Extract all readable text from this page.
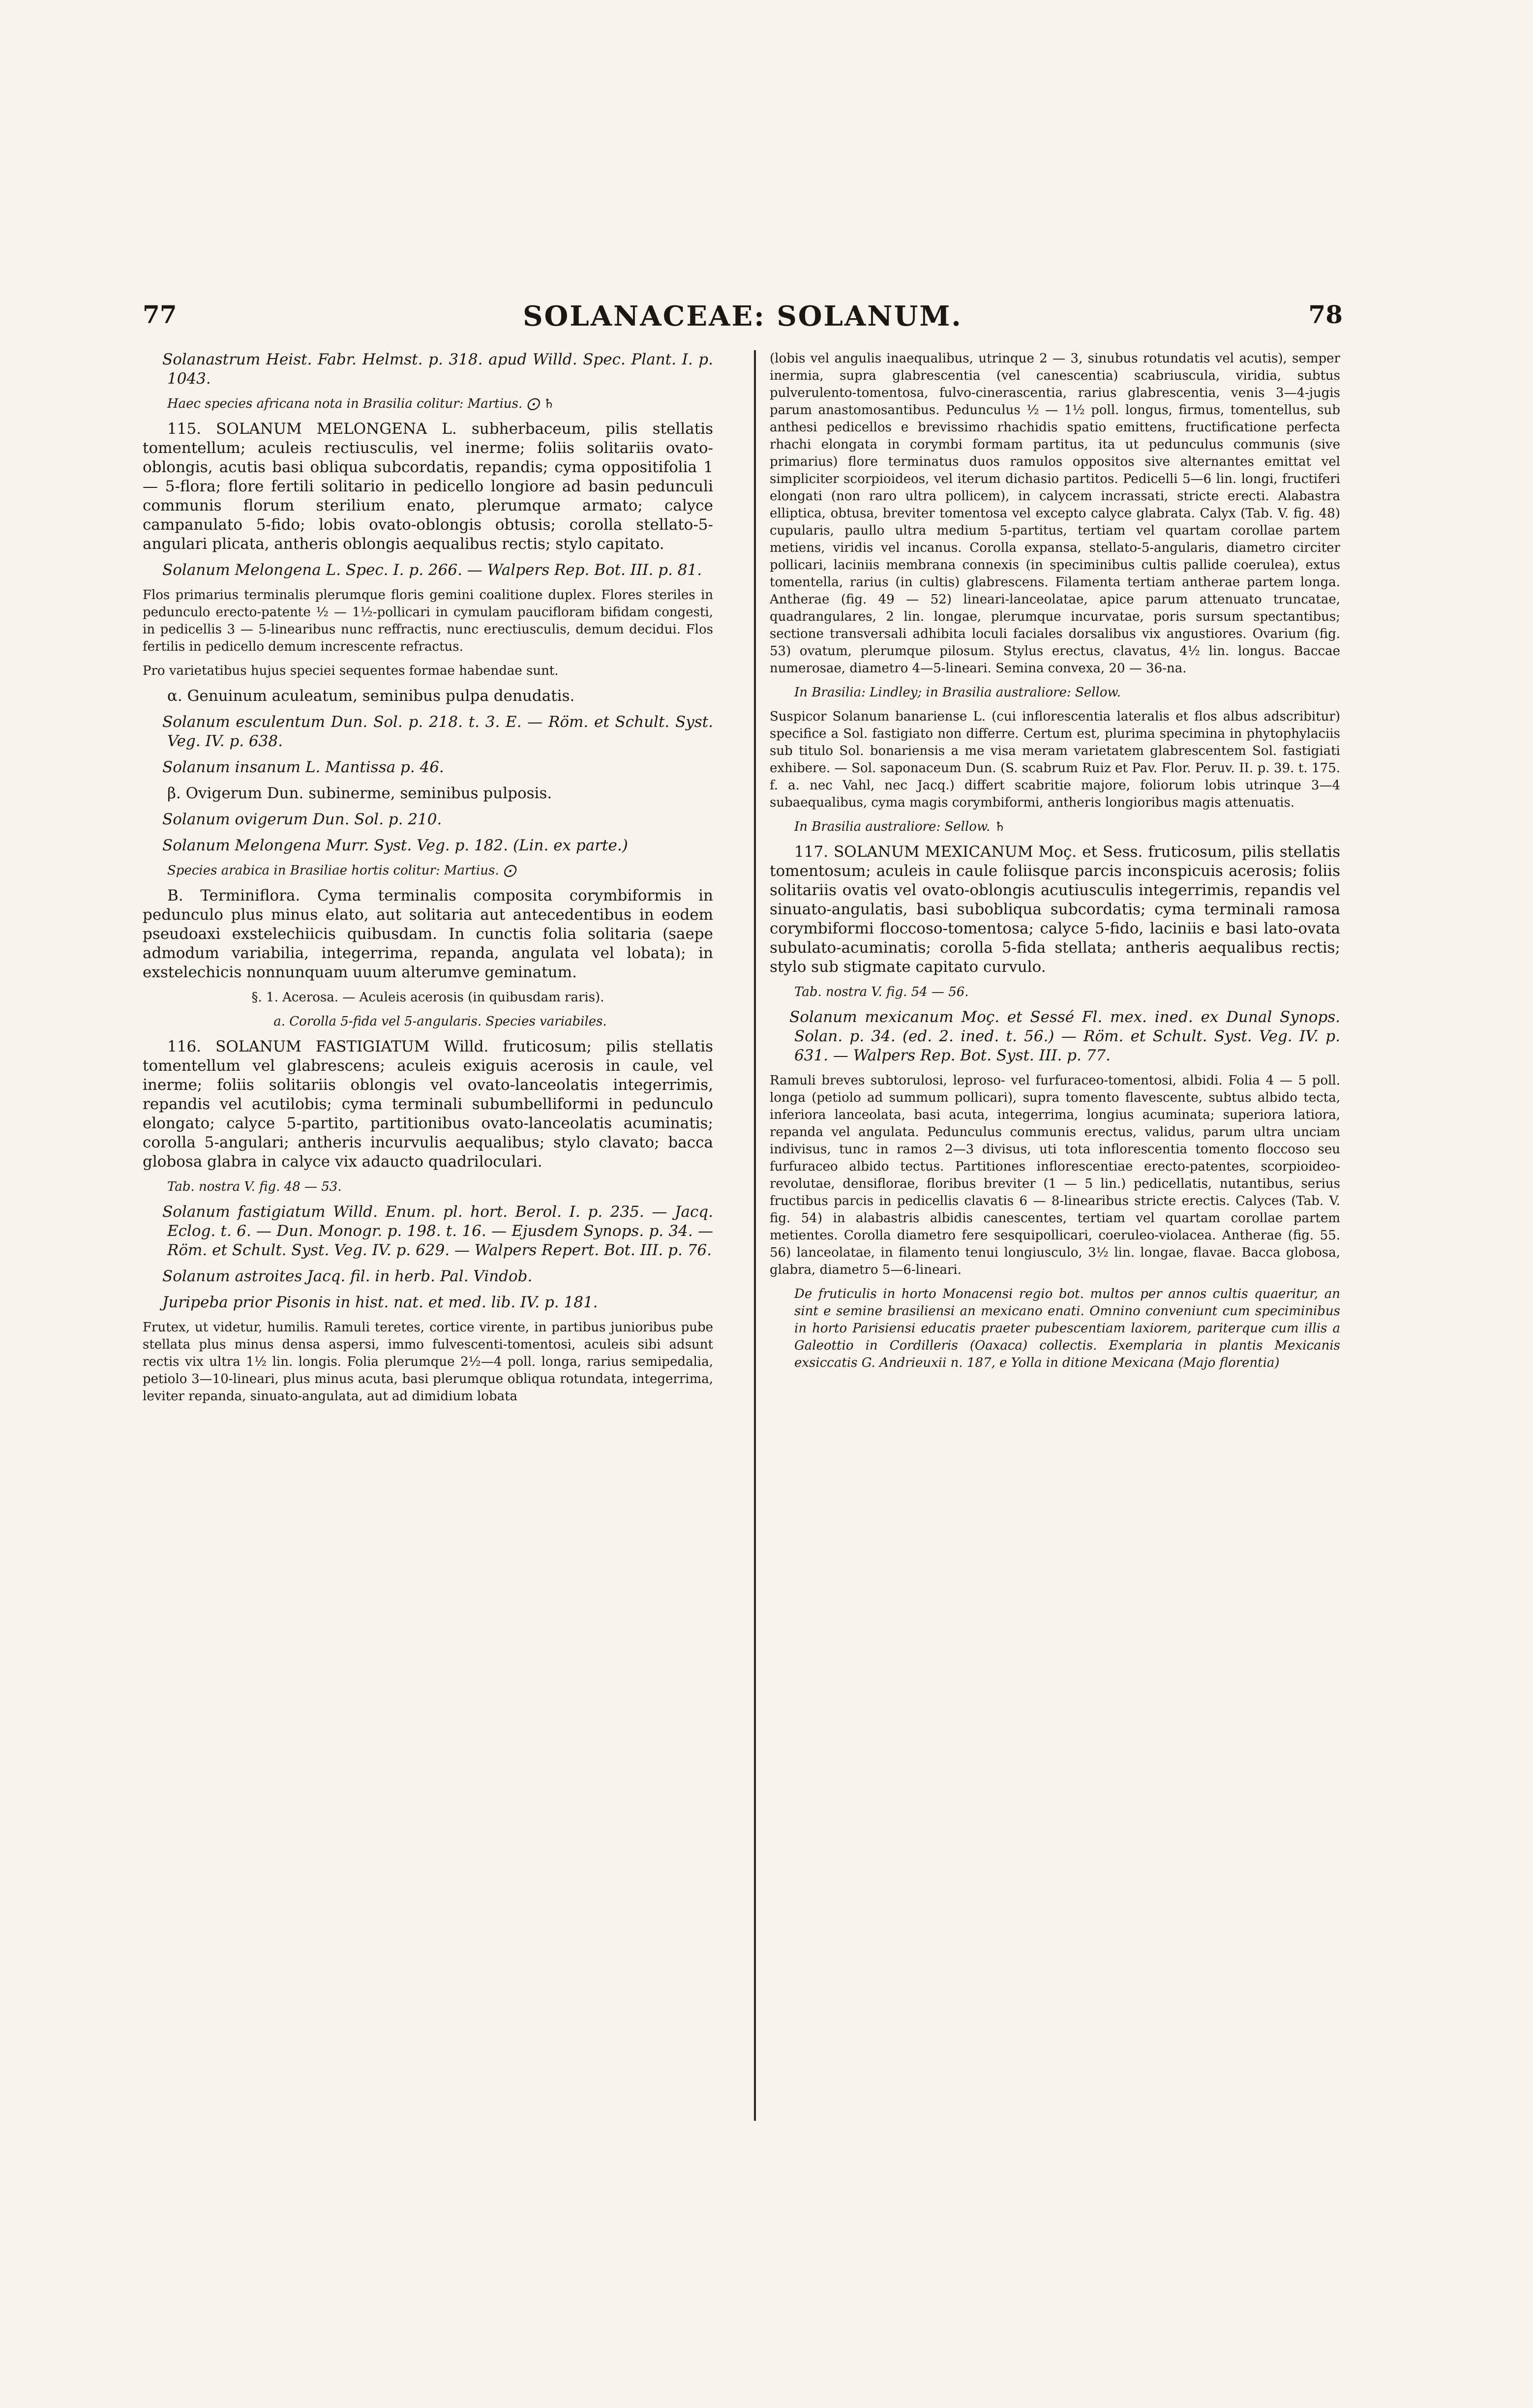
77	SOLANACEAE: SOLANUM.	78

Solanastrum Heist. Fabr. Helmst. p. 318. apud Willd. Spec. Plant. I. p. 1043.

Haec species africana nota in Brasilia colitur: Martius. ⨀ ♄

115. SOLANUM MELONGENA L. subherbaceum, pilis stellatis tomentellum; aculeis rectiusculis, vel inerme; foliis solitariis ovato-oblongis, acutis basi obliqua subcordatis, repandis; cyma oppositifolia 1 — 5-flora; flore fertili solitario in pedicello longiore ad basin pedunculi communis florum sterilium enato, plerumque armato; calyce campanulato 5-fido; lobis ovato-oblongis obtusis; corolla stellato-5-angulari plicata, antheris oblongis aequalibus rectis; stylo capitato.

Solanum Melongena L. Spec. I. p. 266. — Walpers Rep. Bot. III. p. 81.

Flos primarius terminalis plerumque floris gemini coalitione duplex. Flores steriles in pedunculo erecto-patente ½ — 1½-pollicari in cymulam paucifloram bifidam congesti, in pedicellis 3 — 5-linearibus nunc reffractis, nunc erectiusculis, demum decidui. Flos fertilis in pedicello demum increscente refractus.

Pro varietatibus hujus speciei sequentes formae habendae sunt.

α. Genuinum aculeatum, seminibus pulpa denudatis.

Solanum esculentum Dun. Sol. p. 218. t. 3. E. — Röm. et Schult. Syst. Veg. IV. p. 638.

Solanum insanum L. Mantissa p. 46.

β. Ovigerum Dun. subinerme, seminibus pulposis.

Solanum ovigerum Dun. Sol. p. 210.

Solanum Melongena Murr. Syst. Veg. p. 182. (Lin. ex parte.)

Species arabica in Brasiliae hortis colitur: Martius. ⨀

B. Terminiflora. Cyma terminalis composita corymbiformis in pedunculo plus minus elato, aut solitaria aut antecedentibus in eodem pseudoaxi exstelechiicis quibusdam. In cunctis folia solitaria (saepe admodum variabilia, integerrima, repanda, angulata vel lobata); in exstelechicis nonnunquam uuum alterumve geminatum.

§. 1. Acerosa. — Aculeis acerosis (in quibusdam raris).

a. Corolla 5-fida vel 5-angularis. Species variabiles.

116. SOLANUM FASTIGIATUM Willd. fruticosum; pilis stellatis tomentellum vel glabrescens; aculeis exiguis acerosis in caule, vel inerme; foliis solitariis oblongis vel ovato-lanceolatis integerrimis, repandis vel acutilobis; cyma terminali subumbelliformi in pedunculo elongato; calyce 5-partito, partitionibus ovato-lanceolatis acuminatis; corolla 5-angulari; antheris incurvulis aequalibus; stylo clavato; bacca globosa glabra in calyce vix adaucto quadriloculari.

Tab. nostra V. fig. 48 — 53.

Solanum fastigiatum Willd. Enum. pl. hort. Berol. I. p. 235. — Jacq. Eclog. t. 6. — Dun. Monogr. p. 198. t. 16. — Ejusdem Synops. p. 34. — Röm. et Schult. Syst. Veg. IV. p. 629. — Walpers Repert. Bot. III. p. 76.

Solanum astroites Jacq. fil. in herb. Pal. Vindob.

Juripeba prior Pisonis in hist. nat. et med. lib. IV. p. 181.

Frutex, ut videtur, humilis. Ramuli teretes, cortice virente, in partibus junioribus pube stellata plus minus densa aspersi, immo fulvescenti-tomentosi, aculeis sibi adsunt rectis vix ultra 1½ lin. longis. Folia plerumque 2½—4 poll. longa, rarius semipedalia, petiolo 3—10-lineari, plus minus acuta, basi plerumque obliqua rotundata, integerrima, leviter repanda, sinuato-angulata, aut ad dimidium lobata

(lobis vel angulis inaequalibus, utrinque 2 — 3, sinubus rotundatis vel acutis), semper inermia, supra glabrescentia (vel canescentia) scabriuscula, viridia, subtus pulverulento-tomentosa, fulvo-cinerascentia, rarius glabrescentia, venis 3—4-jugis parum anastomosantibus. Pedunculus ½ — 1½ poll. longus, firmus, tomentellus, sub anthesi pedicellos e brevissimo rhachidis spatio emittens, fructificatione perfecta rhachi elongata in corymbi formam partitus, ita ut pedunculus communis (sive primarius) flore terminatus duos ramulos oppositos sive alternantes emittat vel simpliciter scorpioideos, vel iterum dichasio partitos. Pedicelli 5—6 lin. longi, fructiferi elongati (non raro ultra pollicem), in calycem incrassati, stricte erecti. Alabastra elliptica, obtusa, breviter tomentosa vel excepto calyce glabrata. Calyx (Tab. V. fig. 48) cupularis, paullo ultra medium 5-partitus, tertiam vel quartam corollae partem metiens, viridis vel incanus. Corolla expansa, stellato-5-angularis, diametro circiter pollicari, laciniis membrana connexis (in speciminibus cultis pallide coerulea), extus tomentella, rarius (in cultis) glabrescens. Filamenta tertiam antherae partem longa. Antherae (fig. 49 — 52) lineari-lanceolatae, apice parum attenuato truncatae, quadrangulares, 2 lin. longae, plerumque incurvatae, poris sursum spectantibus; sectione transversali adhibita loculi faciales dorsalibus vix angustiores. Ovarium (fig. 53) ovatum, plerumque pilosum. Stylus erectus, clavatus, 4½ lin. longus. Baccae numerosae, diametro 4—5-lineari. Semina convexa, 20 — 36-na.

In Brasilia: Lindley; in Brasilia australiore: Sellow.

Suspicor Solanum banariense L. (cui inflorescentia lateralis et flos albus adscribitur) specifice a Sol. fastigiato non differre. Certum est, plurima specimina in phytophylaciis sub titulo Sol. bonariensis a me visa meram varietatem glabrescentem Sol. fastigiati exhibere. — Sol. saponaceum Dun. (S. scabrum Ruiz et Pav. Flor. Peruv. II. p. 39. t. 175. f. a. nec Vahl, nec Jacq.) differt scabritie majore, foliorum lobis utrinque 3—4 subaequalibus, cyma magis corymbiformi, antheris longioribus magis attenuatis.

In Brasilia australiore: Sellow. ♄

117. SOLANUM MEXICANUM Moç. et Sess. fruticosum, pilis stellatis tomentosum; aculeis in caule foliisque parcis inconspicuis acerosis; foliis solitariis ovatis vel ovato-oblongis acutiusculis integerrimis, repandis vel sinuato-angulatis, basi subobliqua subcordatis; cyma terminali ramosa corymbiformi floccoso-tomentosa; calyce 5-fido, laciniis e basi lato-ovata subulato-acuminatis; corolla 5-fida stellata; antheris aequalibus rectis; stylo sub stigmate capitato curvulo.

Tab. nostra V. fig. 54 — 56.

Solanum mexicanum Moç. et Sessé Fl. mex. ined. ex Dunal Synops. Solan. p. 34. (ed. 2. ined. t. 56.) — Röm. et Schult. Syst. Veg. IV. p. 631. — Walpers Rep. Bot. Syst. III. p. 77.

Ramuli breves subtorulosi, leproso- vel furfuraceo-tomentosi, albidi. Folia 4 — 5 poll. longa (petiolo ad summum pollicari), supra tomento flavescente, subtus albido tecta, inferiora lanceolata, basi acuta, integerrima, longius acuminata; superiora latiora, repanda vel angulata. Pedunculus communis erectus, validus, parum ultra unciam indivisus, tunc in ramos 2—3 divisus, uti tota inflorescentia tomento floccoso seu furfuraceo albido tectus. Partitiones inflorescentiae erecto-patentes, scorpioideo-revolutae, densiflorae, floribus breviter (1 — 5 lin.) pedicellatis, nutantibus, serius fructibus parcis in pedicellis clavatis 6 — 8-linearibus stricte erectis. Calyces (Tab. V. fig. 54) in alabastris albidis canescentes, tertiam vel quartam corollae partem metientes. Corolla diametro fere sesquipollicari, coeruleo-violacea. Antherae (fig. 55. 56) lanceolatae, in filamento tenui longiusculo, 3½ lin. longae, flavae. Bacca globosa, glabra, diametro 5—6-lineari.

De fruticulis in horto Monacensi regio bot. multos per annos cultis quaeritur, an sint e semine brasiliensi an mexicano enati. Omnino conveniunt cum speciminibus in horto Parisiensi educatis praeter pubescentiam laxiorem, pariterque cum illis a Galeottio in Cordilleris (Oaxaca) collectis. Exemplaria in plantis Mexicanis exsiccatis G. Andrieuxii n. 187, e Yolla in ditione Mexicana (Majo florentia)
